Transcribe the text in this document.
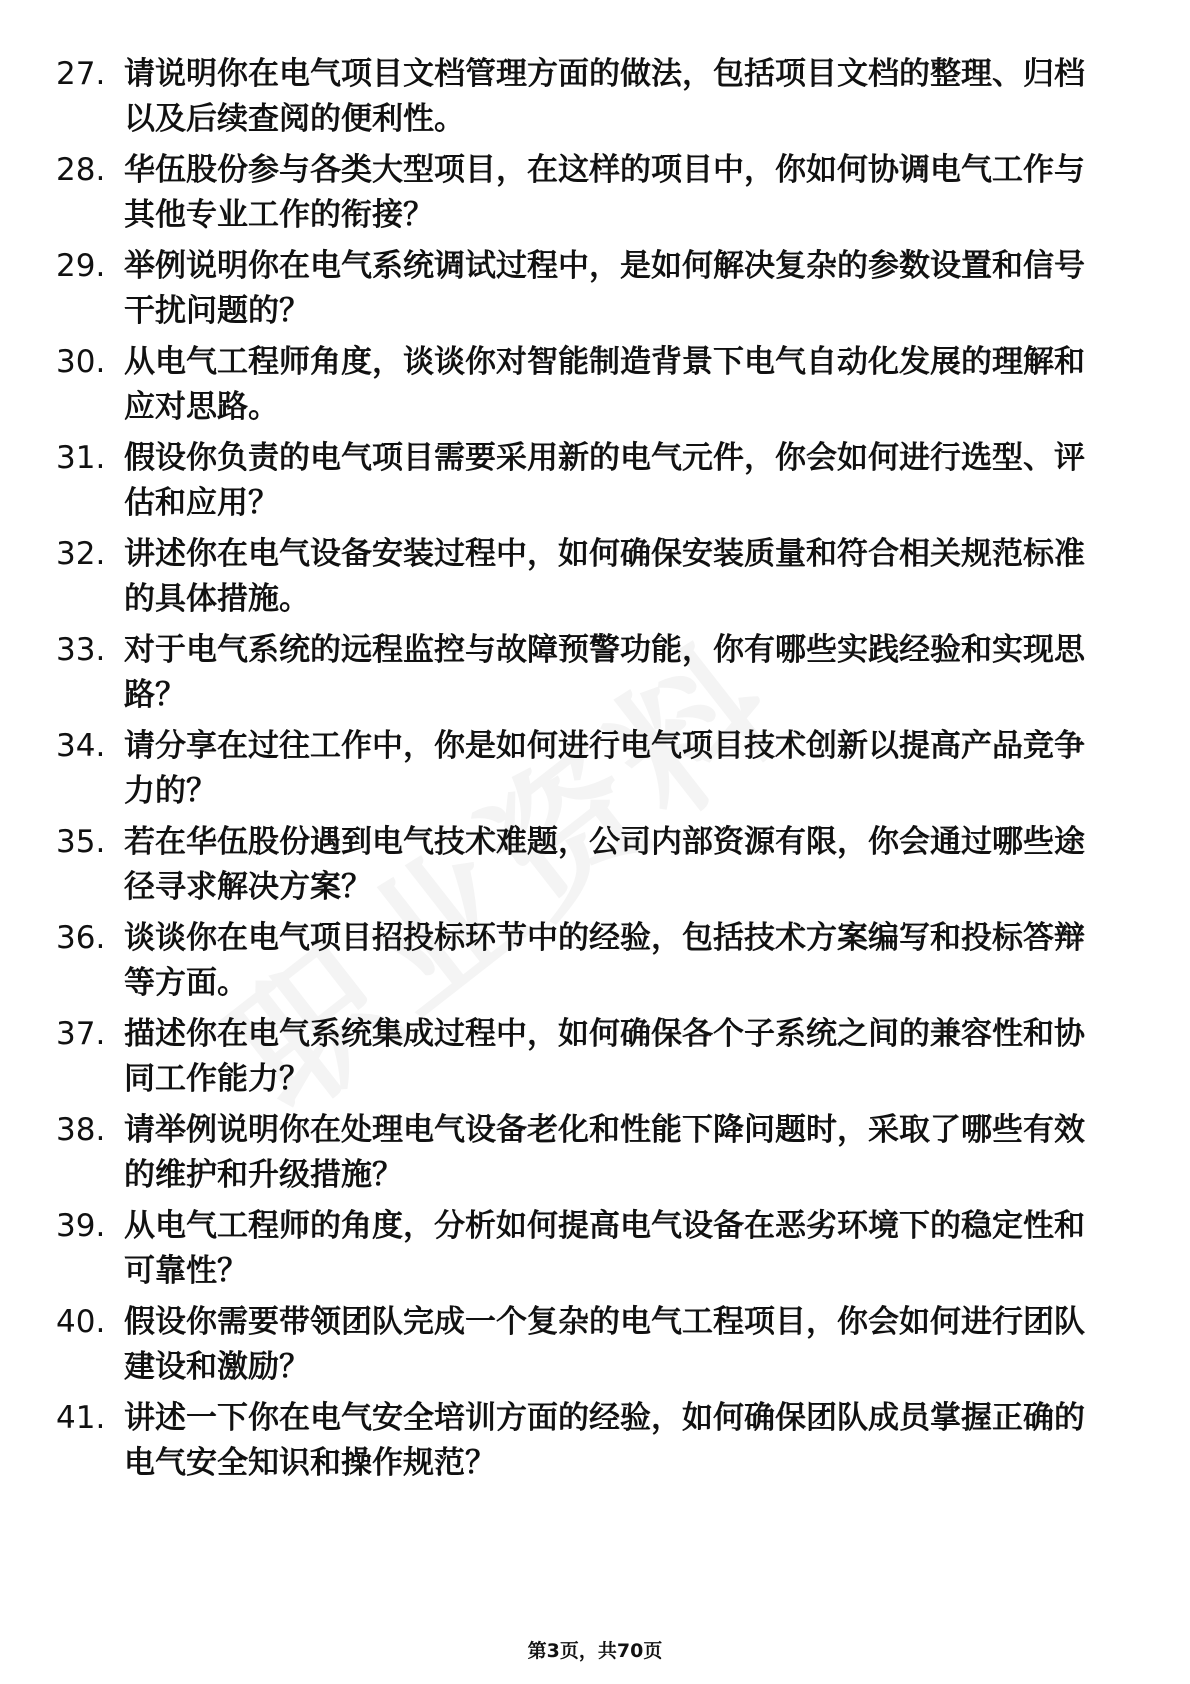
27. 请说明你在电气项目文档管理方面的做法，包括项目文档的整理、归档以及后续查阅的便利性。
28. 华伍股份参与各类大型项目，在这样的项目中，你如何协调电气工作与其他专业工作的衔接？
29. 举例说明你在电气系统调试过程中，是如何解决复杂的参数设置和信号干扰问题的？
30. 从电气工程师角度，谈谈你对智能制造背景下电气自动化发展的理解和应对思路。
31. 假设你负责的电气项目需要采用新的电气元件，你会如何进行选型、评估和应用？
32. 讲述你在电气设备安装过程中，如何确保安装质量和符合相关规范标准的具体措施。
33. 对于电气系统的远程监控与故障预警功能，你有哪些实践经验和实现思路？
34. 请分享在过往工作中，你是如何进行电气项目技术创新以提高产品竞争力的？
35. 若在华伍股份遇到电气技术难题，公司内部资源有限，你会通过哪些途径寻求解决方案？
36. 谈谈你在电气项目招投标环节中的经验，包括技术方案编写和投标答辩等方面。
37. 描述你在电气系统集成过程中，如何确保各个子系统之间的兼容性和协同工作能力？
38. 请举例说明你在处理电气设备老化和性能下降问题时，采取了哪些有效的维护和升级措施？
39. 从电气工程师的角度，分析如何提高电气设备在恶劣环境下的稳定性和可靠性？
40. 假设你需要带领团队完成一个复杂的电气工程项目，你会如何进行团队建设和激励？
41. 讲述一下你在电气安全培训方面的经验，如何确保团队成员掌握正确的电气安全知识和操作规范？
第3页，共70页
